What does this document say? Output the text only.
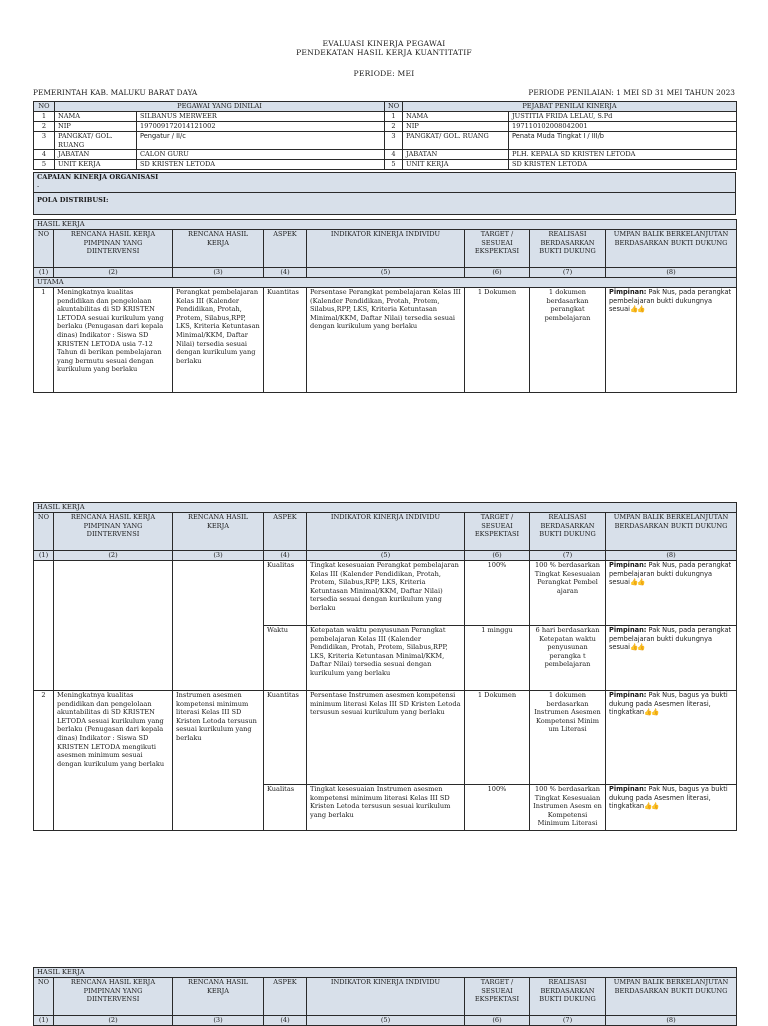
EVALUASI KINERJA PEGAWAI
PENDEKATAN HASIL KERJA KUANTITATIF
PERIODE: MEI
PEMERINTAH KAB. MALUKU BARAT DAYA	PERIODE PENILAIAN: 1 MEI SD 31 MEI TAHUN 2023
NO	PEGAWAI YANG DINILAI		NO	PEJABAT PENILAI KINERJA	
1	NAMA	SILBANUS MERWEER	1	NAMA	JUSTITIA FRIDA LELAU, S.Pd
2	NIP	197009172014121002	2	NIP	197110102008042001
3	PANGKAT/ GOL. RUANG	Pengatur / II/c	3	PANGKAT/ GOL. RUANG	Penata Muda Tingkat I / III/b
4	JABATAN	CALON GURU	4	JABATAN	PLH. KEPALA SD KRISTEN LETODA
5	UNIT KERJA	SD KRISTEN LETODA	5	UNIT KERJA	SD KRISTEN LETODA
CAPAIAN KINERJA ORGANISASI
-

POLA DISTRIBUSI:
HASIL KERJA							
NO	RENCANA HASIL KERJA PIMPINAN YANG DIINTERVENSI	RENCANA HASIL KERJA	ASPEK	INDIKATOR KINERJA INDIVIDU	TARGET / SESUEAI EKSPEKTASI	REALISASI BERDASARKAN BUKTI DUKUNG	UMPAN BALIK BERKELANJUTAN BERDASARKAN BUKTI DUKUNG
(1)	(2)	(3)	(4)	(5)	(6)	(7)	(8)
UTAMA							
1	Meningkatnya kualitas pendidikan dan pengelolaan akuntabilitas di SD KRISTEN LETODA sesuai kurikulum yang berlaku (Penugasan dari kepala dinas) Indikator : Siswa SD KRISTEN LETODA usia 7-12 Tahun di berikan pembelajaran yang bermutu sesuai dengan kurikulum yang berlaku	Perangkat pembelajaran Kelas III (Kalender Pendidikan, Protah, Protem, Silabus,RPP, LKS, Kriteria Ketuntasan Minimal/KKM, Daftar Nilai) tersedia sesuai dengan kurikulum yang berlaku	Kuantitas	Persentase Perangkat pembelajaran Kelas III (Kalender Pendidikan, Protah, Protem, Silabus,RPP, LKS, Kriteria Ketuntasan Minimal/KKM, Daftar Nilai) tersedia sesuai dengan kurikulum yang berlaku	1 Dokumen	1 dokumen berdasarkan perangkat pembelajaran	Pimpinan: Pak Nus, pada perangkat pembelajaran bukti dukungnya sesuai👍👍
HASIL KERJA							
NO	RENCANA HASIL KERJA PIMPINAN YANG DIINTERVENSI	RENCANA HASIL KERJA	ASPEK	INDIKATOR KINERJA INDIVIDU	TARGET / SESUEAI EKSPEKTASI	REALISASI BERDASARKAN BUKTI DUKUNG	UMPAN BALIK BERKELANJUTAN BERDASARKAN BUKTI DUKUNG
(1)	(2)	(3)	(4)	(5)	(6)	(7)	(8)
			Kualitas	Tingkat kesesuaian Perangkat pembelajaran Kelas III (Kalender Pendidikan, Protah, Protem, Silabus,RPP, LKS, Kriteria Ketuntasan Minimal/KKM, Daftar Nilai) tersedia sesuai dengan kurikulum yang berlaku	100%	100 % berdasarkan Tingkat Kesesuaian Perangkat Pembel ajaran	Pimpinan: Pak Nus, pada perangkat pembelajaran bukti dukungnya sesuai👍👍
			Waktu	Ketepatan waktu penyusunan Perangkat pembelajaran Kelas III (Kalender Pendidikan, Protah, Protem, Silabus,RPP, LKS, Kriteria Ketuntasan Minimal/KKM, Daftar Nilai) tersedia sesuai dengan kurikulum yang berlaku	1 minggu	6 hari berdasarkan Ketepatan waktu penyusunan perangka t pembelajaran	Pimpinan: Pak Nus, pada perangkat pembelajaran bukti dukungnya sesuai👍👍
2	Meningkatnya kualitas pendidikan dan pengelolaan akuntabilitas di SD KRISTEN LETODA sesuai kurikulum yang berlaku (Penugasan dari kepala dinas) Indikator : Siswa SD KRISTEN LETODA mengikuti asesmen minimum sesuai dengan kurikulum yang berlaku	Instrumen asesmen kompetensi minimum literasi Kelas III SD Kristen Letoda tersusun sesuai kurikulum yang berlaku	Kuantitas	Persentase Instrumen asesmen kompetensi minimum literasi Kelas III SD Kristen Letoda tersusun sesuai kurikulum yang berlaku	1 Dokumen	1 dokumen berdasarkan Instrumen Asesmen Kompetensi Minim um Literasi	Pimpinan: Pak Nus, bagus ya bukti dukung pada Asesmen literasi, tingkatkan👍👍
			Kualitas	Tingkat kesesuaian Instrumen asesmen kompetensi minimum literasi Kelas III SD Kristen Letoda tersusun sesuai kurikulum yang berlaku	100%	100 % berdasarkan Tingkat Kesesuaian Instrumen Asesm en Kompetensi Minimum Literasi	Pimpinan: Pak Nus, bagus ya bukti dukung pada Asesmen literasi, tingkatkan👍👍
HASIL KERJA							
NO	RENCANA HASIL KERJA PIMPINAN YANG DIINTERVENSI	RENCANA HASIL KERJA	ASPEK	INDIKATOR KINERJA INDIVIDU	TARGET / SESUEAI EKSPEKTASI	REALISASI BERDASARKAN BUKTI DUKUNG	UMPAN BALIK BERKELANJUTAN BERDASARKAN BUKTI DUKUNG
(1)	(2)	(3)	(4)	(5)	(6)	(7)	(8)
